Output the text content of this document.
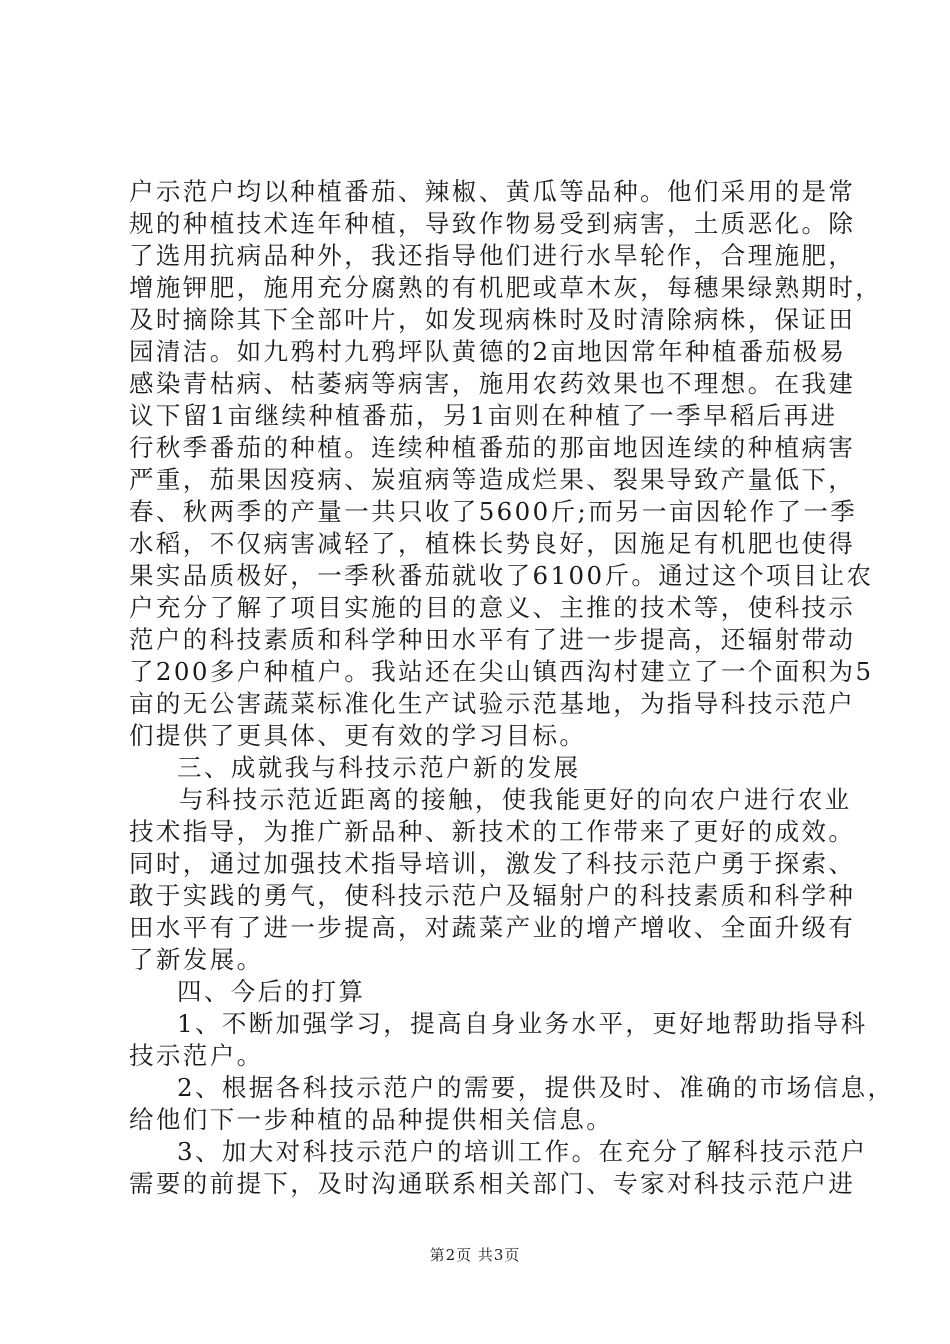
户示范户均以种植番茄、辣椒、黄瓜等品种。他们采用的是常
规的种植技术连年种植，导致作物易受到病害，土质恶化。除
了选用抗病品种外，我还指导他们进行水旱轮作，合理施肥，
增施钾肥，施用充分腐熟的有机肥或草木灰，每穗果绿熟期时，
及时摘除其下全部叶片，如发现病株时及时清除病株，保证田
园清洁。如九鸦村九鸦坪队黄德的2亩地因常年种植番茄极易
感染青枯病、枯萎病等病害，施用农药效果也不理想。在我建
议下留1亩继续种植番茄，另1亩则在种植了一季早稻后再进
行秋季番茄的种植。连续种植番茄的那亩地因连续的种植病害
严重，茄果因疫病、炭疽病等造成烂果、裂果导致产量低下，
春、秋两季的产量一共只收了5600斤;而另一亩因轮作了一季
水稻，不仅病害减轻了，植株长势良好，因施足有机肥也使得
果实品质极好，一季秋番茄就收了6100斤。通过这个项目让农
户充分了解了项目实施的目的意义、主推的技术等，使科技示
范户的科技素质和科学种田水平有了进一步提高，还辐射带动
了200多户种植户。我站还在尖山镇西沟村建立了一个面积为5
亩的无公害蔬菜标准化生产试验示范基地，为指导科技示范户
们提供了更具体、更有效的学习目标。
三、成就我与科技示范户新的发展
与科技示范近距离的接触，使我能更好的向农户进行农业
技术指导，为推广新品种、新技术的工作带来了更好的成效。
同时，通过加强技术指导培训，激发了科技示范户勇于探索、
敢于实践的勇气，使科技示范户及辐射户的科技素质和科学种
田水平有了进一步提高，对蔬菜产业的增产增收、全面升级有
了新发展。
四、今后的打算
1、不断加强学习，提高自身业务水平，更好地帮助指导科
技示范户。
2、根据各科技示范户的需要，提供及时、准确的市场信息，
给他们下一步种植的品种提供相关信息。
3、加大对科技示范户的培训工作。在充分了解科技示范户
需要的前提下，及时沟通联系相关部门、专家对科技示范户进
第2页 共3页
